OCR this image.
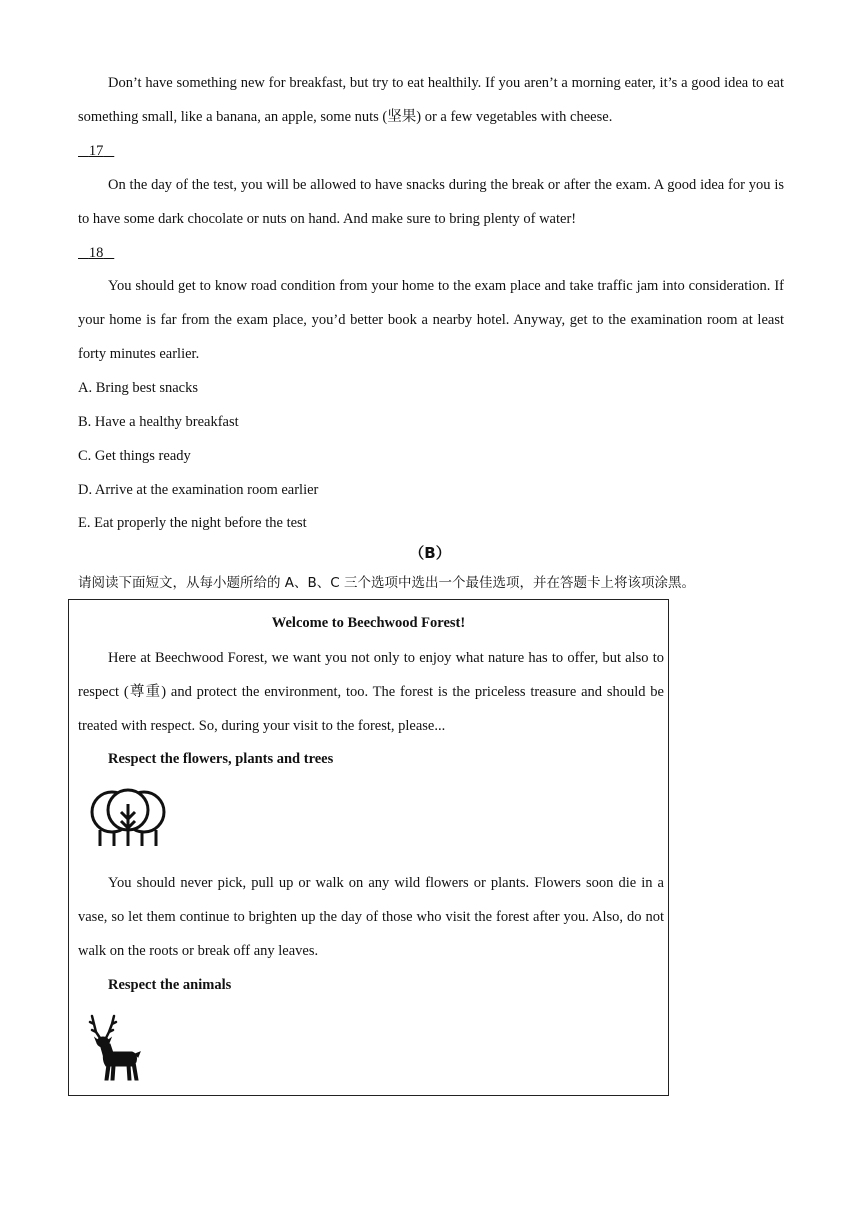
Don’t have something new for breakfast, but try to eat healthily. If you aren’t a morning eater, it’s a good idea to eat something small, like a banana, an apple, some nuts (坚果) or a few vegetables with cheese.

17

On the day of the test, you will be allowed to have snacks during the break or after the exam. A good idea for you is to have some dark chocolate or nuts on hand. And make sure to bring plenty of water!

18

You should get to know road condition from your home to the exam place and take traffic jam into consideration. If your home is far from the exam place, you’d better book a nearby hotel. Anyway, get to the examination room at least forty minutes earlier.

A. Bring best snacks

B. Have a healthy breakfast

C. Get things ready

D. Arrive at the examination room earlier

E. Eat properly the night before the test

（B）

请阅读下面短文，从每小题所给的 A、B、C 三个选项中选出一个最佳选项，并在答题卡上将该项涂黑。

Welcome to Beechwood Forest!

Here at Beechwood Forest, we want you not only to enjoy what nature has to offer, but also to respect (尊重) and protect the environment, too. The forest is the priceless treasure and should be treated with respect. So, during your visit to the forest, please...

Respect the flowers, plants and trees

You should never pick, pull up or walk on any wild flowers or plants. Flowers soon die in a vase, so let them continue to brighten up the day of those who visit the forest after you. Also, do not walk on the roots or break off any leaves.

Respect the animals
